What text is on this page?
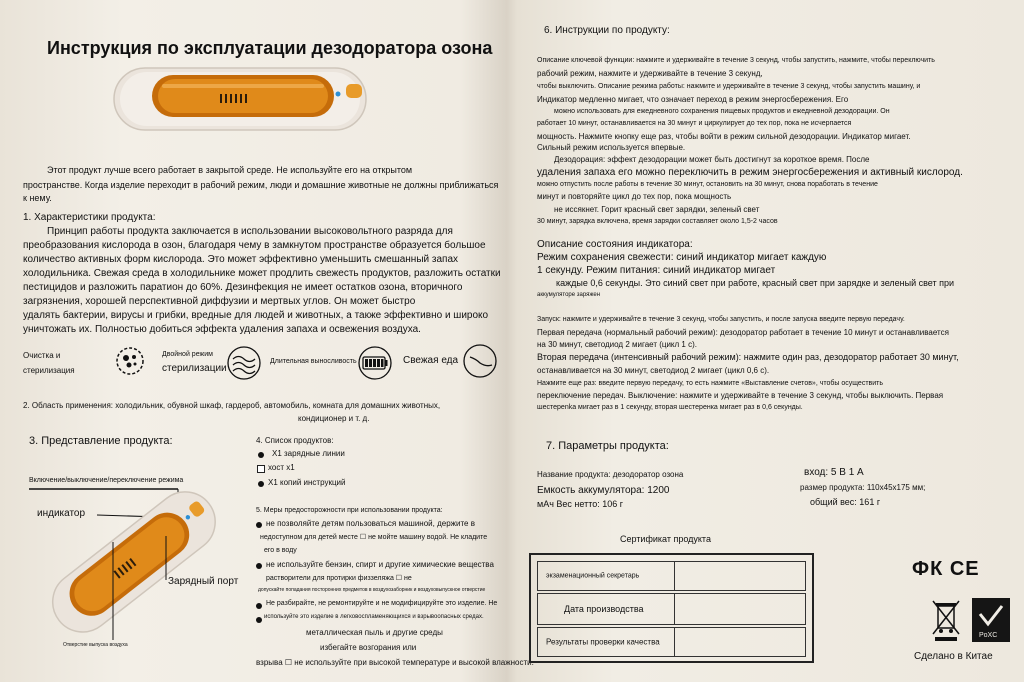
Инструкция по эксплуатации дезодоратора озона
Этот продукт лучше всего работает в закрытой среде. Не используйте его на открытом
пространстве. Когда изделие переходит в рабочий режим, люди и домашние животные не должны приближаться
к нему.
1. Характеристики продукта:
Принцип работы продукта заключается в использовании высоковольтного разряда для
преобразования кислорода в озон, благодаря чему в замкнутом пространстве образуется большое
количество активных форм кислорода. Это может эффективно уменьшить смешанный запах
холодильника. Свежая среда в холодильнике может продлить свежесть продуктов, разложить остатки
пестицидов и разложить паратион до 60%. Дезинфекция не имеет остатков озона, вторичного
загрязнения, хорошей перспективной диффузии и мертвых углов. Он может быстро
удалять бактерии, вирусы и грибки, вредные для людей и животных, а также эффективно и широко
уничтожать их. Полностью добиться эффекта удаления запаха и освежения воздуха.
Очистка и
стерилизация
Двойной режим
стерилизации
Длительная выносливость	Свежая еда
2. Область применения: холодильник, обувной шкаф, гардероб, автомобиль, комната для домашних животных,
кондиционер и т. д.
3. Представление продукта:
Включение/выключение/переключение режима
индикатор
Зарядный порт
Отверстие выпуска воздуха
4. Список продуктов:
X1 зарядные линии
хост x1
X1 копий инструкций
5. Меры предосторожности при использовании продукта:
не позволяйте детям пользоваться машиной, держите в
недоступном для детей месте ☐ не мойте машину водой. Не кладите
его в воду
не используйте бензин, спирт и другие химические вещества
растворители для протирки физзеляжа ☐ не
допускайте попадания посторонних предметов в воздухозаборник и воздуховыпускное отверстие
Не разбирайте, не ремонтируйте и не модифицируйте это изделие. Не
используйте это изделие в легковоспламеняющихся и взрывоопасных средах.
металлическая пыль и другие среды
избегайте возгорания или
взрыва ☐ не используйте при высокой температуре и высокой влажности.
6. Инструкции по продукту:
Описание ключевой функции: нажмите и удерживайте в течение 3 секунд, чтобы запустить, нажмите, чтобы переключить
рабочий режим, нажмите и удерживайте в течение 3 секунд,
чтобы выключить. Описание режима работы: нажмите и удерживайте в течение 3 секунд, чтобы запустить машину, и
Индикатор медленно мигает, что означает переход в режим энергосбережения. Его
можно использовать для ежедневного сохранения пищевых продуктов и ежедневной дезодорации. Он
работает 10 минут, останавливается на 30 минут и циркулирует до тех пор, пока не исчерпается
мощность. Нажмите кнопку еще раз, чтобы войти в режим сильной дезодорации. Индикатор мигает.
Сильный режим используется впервые.
Дезодорация: эффект дезодорации может быть достигнут за короткое время. После
удаления запаха его можно переключить в режим энергосбережения и активный кислород.
можно отпустить после работы в течение 30 минут, остановить на 30 минут, снова поработать в течение
минут и повторяйте цикл до тех пор, пока мощность
не иссякнет. Горит красный свет зарядки, зеленый свет
30 минут, зарядка включена, время зарядки составляет около 1,5-2 часов
Описание состояния индикатора:
Режим сохранения свежести: синий индикатор мигает каждую
1 секунду. Режим питания: синий индикатор мигает
каждые 0,6 секунды. Это синий свет при работе, красный свет при зарядке и зеленый свет при
аккумуляторе заряжен
Запуск: нажмите и удерживайте в течение 3 секунд, чтобы запустить, и после запуска введите первую передачу.
Первая передача (нормальный рабочий режим): дезодоратор работает в течение 10 минут и останавливается
на 30 минут, светодиод 2 мигает (цикл 1 с).
Вторая передача (интенсивный рабочий режим): нажмите один раз, дезодоратор работает 30 минут,
останавливается на 30 минут, светодиод 2 мигает (цикл 0,6 с).
Нажмите еще раз: введите первую передачу, то есть нажмите «Выставление счетов», чтобы осуществить
переключение передач. Выключение: нажмите и удерживайте в течение 3 секунд, чтобы выключить. Первая
шестерenka мигает раз в 1 секунду, вторая шестеренка мигает раз в 0,6 секунды.
7. Параметры продукта:
Название продукта: дезодоратор озона	вход: 5 В 1 А
Емкость аккумулятора: 1200	размер продукта: 110x45x175 мм;
мАч Вес нетто: 106 г	общий вес: 161 г
Сертификат продукта
экзаменационный секретарь
Дата производства
Результаты проверки качества
ФК СЕ
PoXC
Сделано в Китае
